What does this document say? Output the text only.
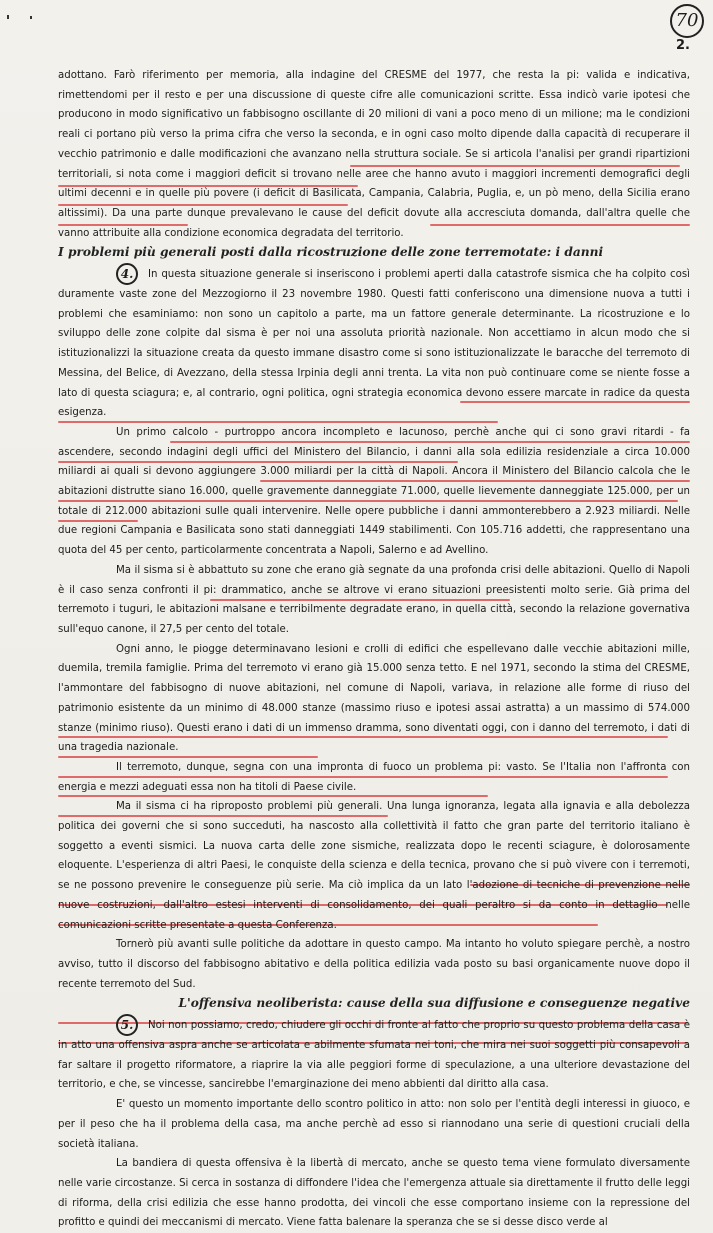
70
2.

adottano. Farò riferimento per memoria, alla indagine del CRESME del 1977, che resta la pi: valida e indicativa, rimettendomi per il resto e per una discussione di queste cifre alle comunicazioni scritte. Essa indicò varie ipotesi che producono in modo significativo un fabbisogno oscillante di 20 milioni di vani a poco meno di un milione; ma le condizioni reali ci portano più verso la prima cifra che verso la seconda, e in ogni caso molto dipende dalla capacità di recuperare il vecchio patrimonio e dalle modificazioni che avanzano nella struttura sociale. Se si articola l'analisi per grandi ripartizioni territoriali, si nota come i maggiori deficit si trovano nelle aree che hanno avuto i maggiori incrementi demografici degli ultimi decenni e in quelle più povere (i deficit di Basilicata, Campania, Calabria, Puglia, e, un pò meno, della Sicilia erano altissimi). Da una parte dunque prevalevano le cause del deficit dovute alla accresciuta domanda, dall'altra quelle che vanno attribuite alla condizione economica degradata del territorio.

I problemi più generali posti dalla ricostruzione delle zone terremotate: i danni

4. In questa situazione generale si inseriscono i problemi aperti dalla catastrofe sismica che ha colpito così duramente vaste zone del Mezzogiorno il 23 novembre 1980. Questi fatti conferiscono una dimensione nuova a tutti i problemi che esaminiamo: non sono un capitolo a parte, ma un fattore generale determinante. La ricostruzione e lo sviluppo delle zone colpite dal sisma è per noi una assoluta priorità nazionale. Non accettiamo in alcun modo che si istituzionalizzi la situazione creata da questo immane disastro come si sono istituzionalizzate le baracche del terremoto di Messina, del Belice, di Avezzano, della stessa Irpinia degli anni trenta. La vita non può continuare come se niente fosse a lato di questa sciagura; e, al contrario, ogni politica, ogni strategia economica devono essere marcate in radice da questa esigenza.

Un primo calcolo - purtroppo ancora incompleto e lacunoso, perchè anche qui ci sono gravi ritardi - fa ascendere, secondo indagini degli uffici del Ministero del Bilancio, i danni alla sola edilizia residenziale a circa 10.000 miliardi ai quali si devono aggiungere 3.000 miliardi per la città di Napoli. Ancora il Ministero del Bilancio calcola che le abitazioni distrutte siano 16.000, quelle gravemente danneggiate 71.000, quelle lievemente danneggiate 125.000, per un totale di 212.000 abitazioni sulle quali intervenire. Nelle opere pubbliche i danni ammonterebbero a 2.923 miliardi. Nelle due regioni Campania e Basilicata sono stati danneggiati 1449 stabilimenti. Con 105.716 addetti, che rappresentano una quota del 45 per cento, particolarmente concentrata a Napoli, Salerno e ad Avellino.

Ma il sisma si è abbattuto su zone che erano già segnate da una profonda crisi delle abitazioni. Quello di Napoli è il caso senza confronti il pi: drammatico, anche se altrove vi erano situazioni preesistenti molto serie. Già prima del terremoto i tuguri, le abitazioni malsane e terribilmente degradate erano, in quella città, secondo la relazione governativa sull'equo canone, il 27,5 per cento del totale.

Ogni anno, le piogge determinavano lesioni e crolli di edifici che espellevano dalle vecchie abitazioni mille, duemila, tremila famiglie. Prima del terremoto vi erano già 15.000 senza tetto. E nel 1971, secondo la stima del CRESME, l'ammontare del fabbisogno di nuove abitazioni, nel comune di Napoli, variava, in relazione alle forme di riuso del patrimonio esistente da un minimo di 48.000 stanze (massimo riuso e ipotesi assai astratta) a un massimo di 574.000 stanze (minimo riuso). Questi erano i dati di un immenso dramma, sono diventati oggi, con i danno del terremoto, i dati di una tragedia nazionale.

Il terremoto, dunque, segna con una impronta di fuoco un problema pi: vasto. Se l'Italia non l'affronta con energia e mezzi adeguati essa non ha titoli di Paese civile.

Ma il sisma ci ha riproposto problemi più generali. Una lunga ignoranza, legata alla ignavia e alla debolezza politica dei governi che si sono succeduti, ha nascosto alla collettività il fatto che gran parte del territorio italiano è soggetto a eventi sismici. La nuova carta delle zone sismiche, realizzata dopo le recenti sciagure, è dolorosamente eloquente. L'esperienza di altri Paesi, le conquiste della scienza e della tecnica, provano che si può vivere con i terremoti, se ne possono prevenire le conseguenze più serie. Ma ciò implica da un lato l'adozione di tecniche di prevenzione nelle nuove costruzioni, dall'altro estesi interventi di consolidamento, dei quali peraltro si da conto in dettaglio nelle comunicazioni scritte presentate a questa Conferenza.

Tornerò più avanti sulle politiche da adottare in questo campo. Ma intanto ho voluto spiegare perchè, a nostro avviso, tutto il discorso del fabbisogno abitativo e della politica edilizia vada posto su basi organicamente nuove dopo il recente terremoto del Sud.

L'offensiva neoliberista: cause della sua diffusione e conseguenze negative

5. Noi non possiamo, credo, chiudere gli occhi di fronte al fatto che proprio su questo problema della casa è in atto una offensiva aspra anche se articolata e abilmente sfumata nei toni, che mira nei suoi soggetti più consapevoli a far saltare il progetto riformatore, a riaprire la via alle peggiori forme di speculazione, a una ulteriore devastazione del territorio, e che, se vincesse, sancirebbe l'emarginazione dei meno abbienti dal diritto alla casa.

E' questo un momento importante dello scontro politico in atto: non solo per l'entità degli interessi in giuoco, e per il peso che ha il problema della casa, ma anche perchè ad esso si riannodano una serie di questioni cruciali della società italiana.

La bandiera di questa offensiva è la libertà di mercato, anche se questo tema viene formulato diversamente nelle varie circostanze. Si cerca in sostanza di diffondere l'idea che l'emergenza attuale sia direttamente il frutto delle leggi di riforma, della crisi edilizia che esse hanno prodotta, dei vincoli che esse comportano insieme con la repressione del profitto e quindi dei meccanismi di mercato. Viene fatta balenare la speranza che se si desse disco verde al
